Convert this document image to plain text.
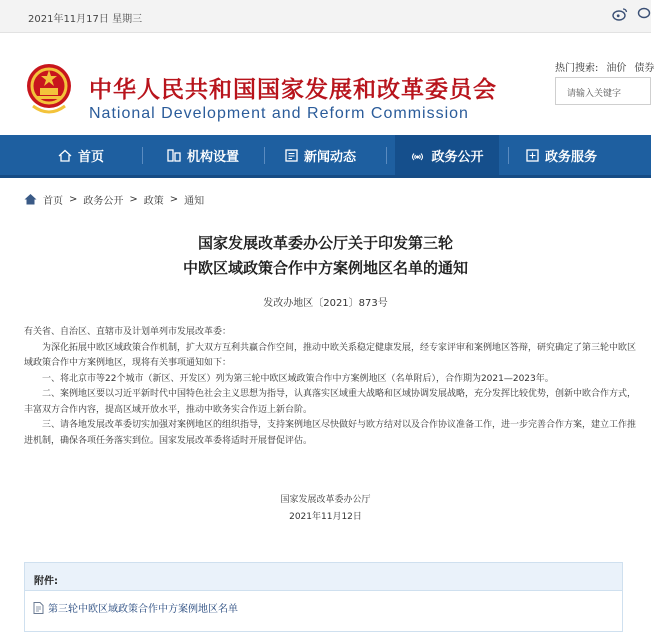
2021年11月17日 星期三
中华人民共和国国家发展和改革委员会
National Development and Reform Commission
热门搜索: 油价 债券
请输入关键字
首页	机构设置	新闻动态	政务公开	政务服务
首页 > 政务公开 > 政策 > 通知
国家发展改革委办公厅关于印发第三轮
中欧区域政策合作中方案例地区名单的通知
发改办地区〔2021〕873号

有关省、自治区、直辖市及计划单列市发展改革委：

为深化拓展中欧区域政策合作机制，扩大双方互利共赢合作空间，推动中欧关系稳定健康发展，经专家评审和案例地区答辩，研究确定了第三轮中欧区域政策合作中方案例地区，现将有关事项通知如下：

一、将北京市等22个城市（新区、开发区）列为第三轮中欧区域政策合作中方案例地区（名单附后），合作期为2021—2023年。

二、案例地区要以习近平新时代中国特色社会主义思想为指导，认真落实区域重大战略和区域协调发展战略，充分发挥比较优势，创新中欧合作方式，丰富双方合作内容，提高区域开放水平，推动中欧务实合作迈上新台阶。

三、请各地发展改革委切实加强对案例地区的组织指导，支持案例地区尽快做好与欧方结对以及合作协议准备工作，进一步完善合作方案，建立工作推进机制，确保各项任务落实到位。国家发展改革委将适时开展督促评估。

国家发展改革委办公厅
2021年11月12日
附件:
第三轮中欧区域政策合作中方案例地区名单
